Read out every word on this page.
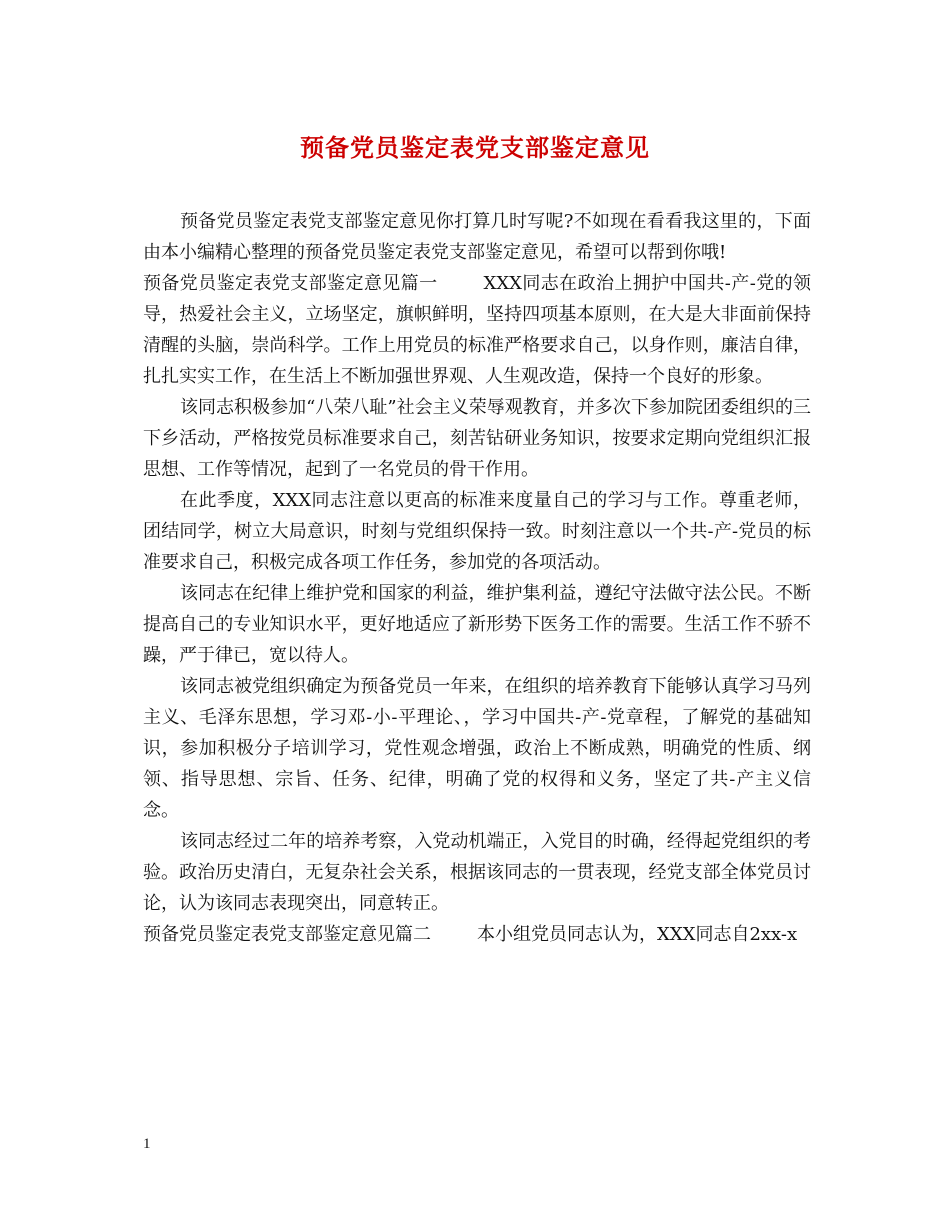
预备党员鉴定表党支部鉴定意见

预备党员鉴定表党支部鉴定意见你打算几时写呢?不如现在看看我这里的，下面由本小编精心整理的预备党员鉴定表党支部鉴定意见，希望可以帮到你哦!

预备党员鉴定表党支部鉴定意见篇一	XXX同志在政治上拥护中国共-产-党的领导，热爱社会主义，立场坚定，旗帜鲜明，坚持四项基本原则，在大是大非面前保持清醒的头脑，崇尚科学。工作上用党员的标准严格要求自己，以身作则，廉洁自律，扎扎实实工作，在生活上不断加强世界观、人生观改造，保持一个良好的形象。

该同志积极参加“八荣八耻”社会主义荣辱观教育，并多次下参加院团委组织的三下乡活动，严格按党员标准要求自己，刻苦钻研业务知识，按要求定期向党组织汇报思想、工作等情况，起到了一名党员的骨干作用。

在此季度，XXX同志注意以更高的标准来度量自己的学习与工作。尊重老师，团结同学，树立大局意识，时刻与党组织保持一致。时刻注意以一个共-产-党员的标准要求自己，积极完成各项工作任务，参加党的各项活动。

该同志在纪律上维护党和国家的利益，维护集利益，遵纪守法做守法公民。不断提高自己的专业知识水平，更好地适应了新形势下医务工作的需要。生活工作不骄不躁，严于律已，宽以待人。

该同志被党组织确定为预备党员一年来，在组织的培养教育下能够认真学习马列主义、毛泽东思想，学习邓-小-平理论、，学习中国共-产-党章程，了解党的基础知识，参加积极分子培训学习，党性观念增强，政治上不断成熟，明确党的性质、纲领、指导思想、宗旨、任务、纪律，明确了党的权得和义务，坚定了共-产主义信念。

该同志经过二年的培养考察，入党动机端正，入党目的时确，经得起党组织的考验。政治历史清白，无复杂社会关系，根据该同志的一贯表现，经党支部全体党员讨论，认为该同志表现突出，同意转正。

预备党员鉴定表党支部鉴定意见篇二	本小组党员同志认为，XXX同志自2xx-x

1
